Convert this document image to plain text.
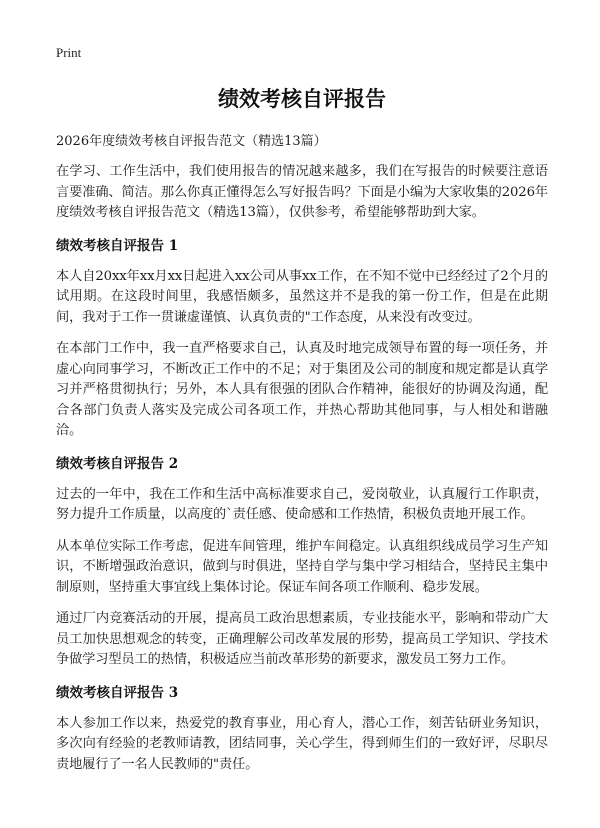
Print
绩效考核自评报告
2026年度绩效考核自评报告范文（精选13篇）

在学习、工作生活中，我们使用报告的情况越来越多，我们在写报告的时候要注意语言要准确、简洁。那么你真正懂得怎么写好报告吗？下面是小编为大家收集的2026年度绩效考核自评报告范文（精选13篇），仅供参考，希望能够帮助到大家。

绩效考核自评报告 1

本人自20xx年xx月xx日起进入xx公司从事xx工作，在不知不觉中已经经过了2个月的试用期。在这段时间里，我感悟颇多，虽然这并不是我的第一份工作，但是在此期间，我对于工作一贯谦虚谨慎、认真负责的"工作态度，从来没有改变过。

在本部门工作中，我一直严格要求自己，认真及时地完成领导布置的每一项任务，并虚心向同事学习，不断改正工作中的不足；对于集团及公司的制度和规定都是认真学习并严格贯彻执行；另外，本人具有很强的团队合作精神，能很好的协调及沟通，配合各部门负责人落实及完成公司各项工作，并热心帮助其他同事，与人相处和谐融洽。

绩效考核自评报告 2

过去的一年中，我在工作和生活中高标准要求自己，爱岗敬业，认真履行工作职责，努力提升工作质量，以高度的`责任感、使命感和工作热情，积极负责地开展工作。

从本单位实际工作考虑，促进车间管理，维护车间稳定。认真组织线成员学习生产知识，不断增强政治意识，做到与时俱进，坚持自学与集中学习相结合，坚持民主集中制原则，坚持重大事宜线上集体讨论。保证车间各项工作顺利、稳步发展。

通过厂内竞赛活动的开展，提高员工政治思想素质，专业技能水平，影响和带动广大员工加快思想观念的转变，正确理解公司改革发展的形势，提高员工学知识、学技术争做学习型员工的热情，积极适应当前改革形势的新要求，激发员工努力工作。

绩效考核自评报告 3

本人参加工作以来，热爱党的教育事业，用心育人，潜心工作，刻苦钻研业务知识，多次向有经验的老教师请教，团结同事，关心学生，得到师生们的一致好评，尽职尽责地履行了一名人民教师的"责任。
